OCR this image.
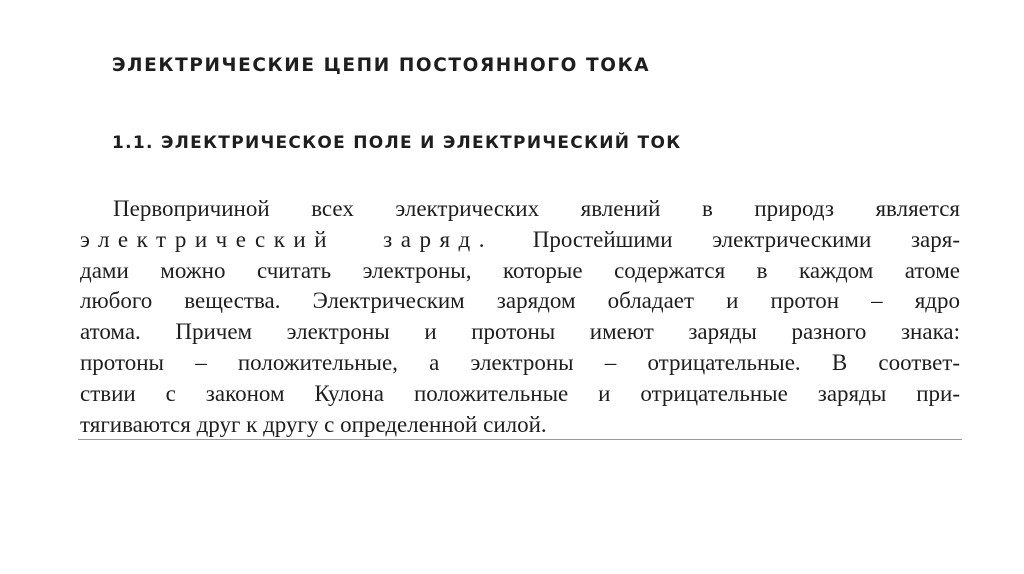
ЭЛЕКТРИЧЕСКИЕ ЦЕПИ ПОСТОЯННОГО ТОКА
1.1. ЭЛЕКТРИЧЕСКОЕ ПОЛЕ И ЭЛЕКТРИЧЕСКИЙ ТОК
Первопричиной всех электрических явлений в природз является
электрический заряд. Простейшими электрическими заря-
дами можно считать электроны, которые содержатся в каждом атоме
любого вещества. Электрическим зарядом обладает и протон – ядро
атома. Причем электроны и протоны имеют заряды разного знака:
протоны – положительные, а электроны – отрицательные. В соответ-
ствии с законом Кулона положительные и отрицательные заряды при-
тягиваются друг к другу с определенной силой.
